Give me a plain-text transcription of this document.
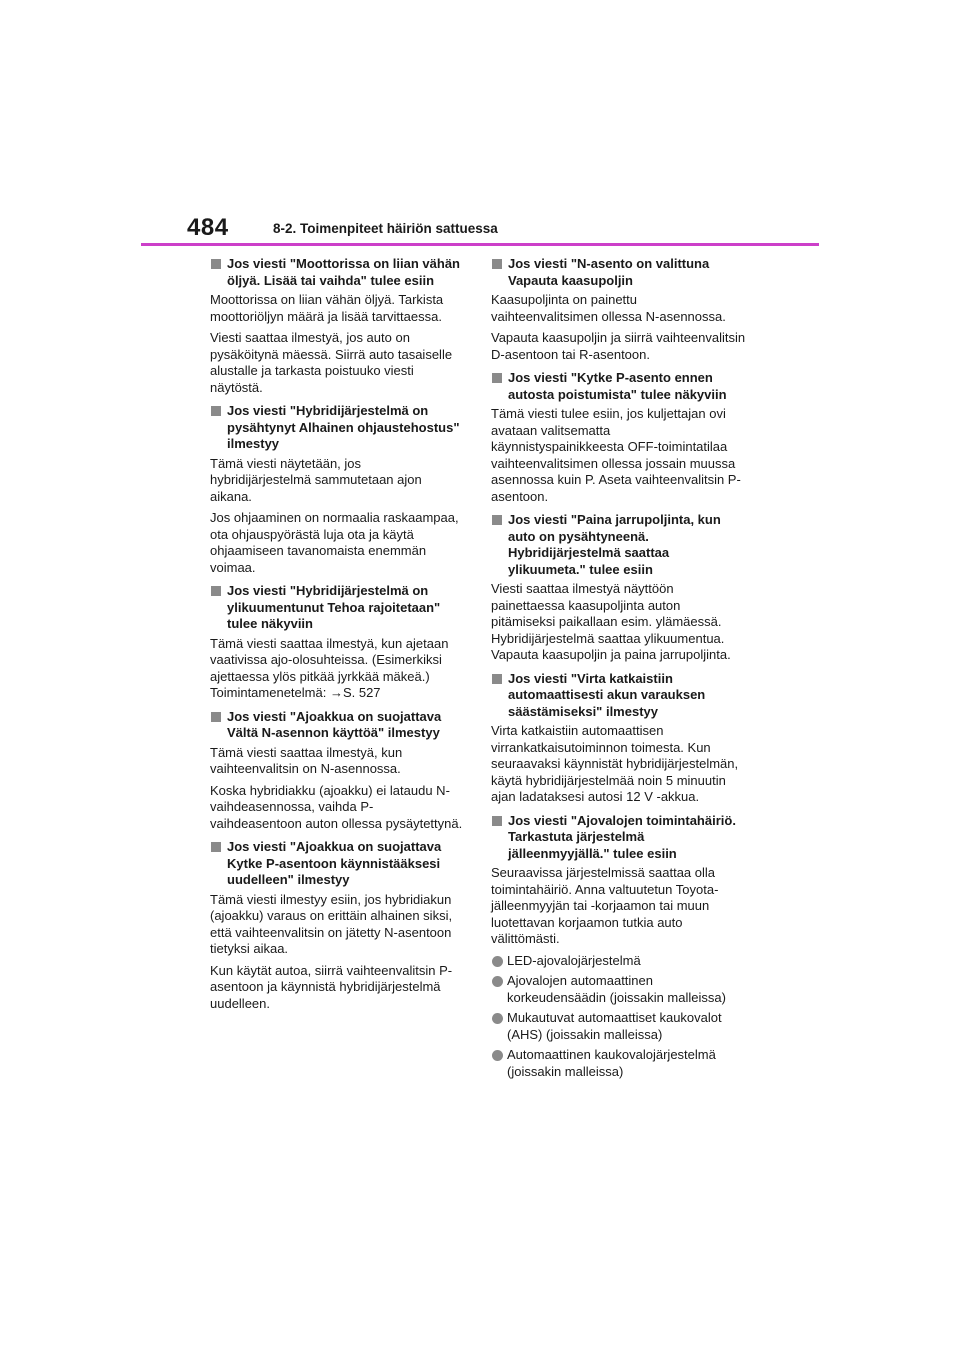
484	8-2. Toimenpiteet häiriön sattuessa
Jos viesti "Moottorissa on liian vähän öljyä. Lisää tai vaihda" tulee esiin

Moottorissa on liian vähän öljyä. Tarkista moottoriöljyn määrä ja lisää tarvittaessa.

Viesti saattaa ilmestyä, jos auto on pysäköitynä mäessä. Siirrä auto tasaiselle alustalle ja tarkasta poistuuko viesti näytöstä.

Jos viesti "Hybridijärjestelmä on pysähtynyt Alhainen ohjaustehostus" ilmestyy

Tämä viesti näytetään, jos hybridijärjestelmä sammutetaan ajon aikana.

Jos ohjaaminen on normaalia raskaampaa, ota ohjauspyörästä luja ota ja käytä ohjaamiseen tavanomaista enemmän voimaa.

Jos viesti "Hybridijärjestelmä on ylikuumentunut Tehoa rajoitetaan" tulee näkyviin

Tämä viesti saattaa ilmestyä, kun ajetaan vaativissa ajo-olosuhteissa. (Esimerkiksi ajettaessa ylös pitkää jyrkkää mäkeä.)
Toimintamenetelmä: →S. 527

Jos viesti "Ajoakkua on suojattava Vältä N-asennon käyttöä" ilmestyy

Tämä viesti saattaa ilmestyä, kun vaihteenvalitsin on N-asennossa.

Koska hybridiakku (ajoakku) ei lataudu N-vaihdeasennossa, vaihda P-vaihdeasentoon auton ollessa pysäytettynä.

Jos viesti "Ajoakkua on suojattava Kytke P-asentoon käynnistääksesi uudelleen" ilmestyy

Tämä viesti ilmestyy esiin, jos hybridiakun (ajoakku) varaus on erittäin alhainen siksi, että vaihteenvalitsin on jätetty N-asentoon tietyksi aikaa.

Kun käytät autoa, siirrä vaihteenvalitsin P-asentoon ja käynnistä hybridijärjestelmä uudelleen.

Jos viesti "N-asento on valittuna Vapauta kaasupoljin

Kaasupoljinta on painettu vaihteenvalitsimen ollessa N-asennossa.

Vapauta kaasupoljin ja siirrä vaihteenvalitsin D-asentoon tai R-asentoon.

Jos viesti "Kytke P-asento ennen autosta poistumista" tulee näkyviin

Tämä viesti tulee esiin, jos kuljettajan ovi avataan valitsematta käynnistyspainikkeesta OFF-toimintatilaa vaihteenvalitsimen ollessa jossain muussa asennossa kuin P. Aseta vaihteenvalitsin P-asentoon.

Jos viesti "Paina jarrupoljinta, kun auto on pysähtyneenä. Hybridijärjestelmä saattaa ylikuumeta." tulee esiin

Viesti saattaa ilmestyä näyttöön painettaessa kaasupoljinta auton pitämiseksi paikallaan esim. ylämäessä. Hybridijärjestelmä saattaa ylikuumentua. Vapauta kaasupoljin ja paina jarrupoljinta.

Jos viesti "Virta katkaistiin automaattisesti akun varauksen säästämiseksi" ilmestyy

Virta katkaistiin automaattisen virrankatkaisutoiminnon toimesta. Kun seuraavaksi käynnistät hybridijärjestelmän, käytä hybridijärjestelmää noin 5 minuutin ajan ladataksesi autosi 12 V -akkua.

Jos viesti "Ajovalojen toimintahäiriö. Tarkastuta järjestelmä jälleenmyyjällä." tulee esiin

Seuraavissa järjestelmissä saattaa olla toimintahäiriö. Anna valtuutetun Toyota-jälleenmyyjän tai -korjaamon tai muun luotettavan korjaamon tutkia auto välittömästi.

LED-ajovalojärjestelmä
Ajovalojen automaattinen korkeudensäädin (joissakin malleissa)
Mukautuvat automaattiset kaukovalot (AHS) (joissakin malleissa)
Automaattinen kaukovalojärjestelmä (joissakin malleissa)
